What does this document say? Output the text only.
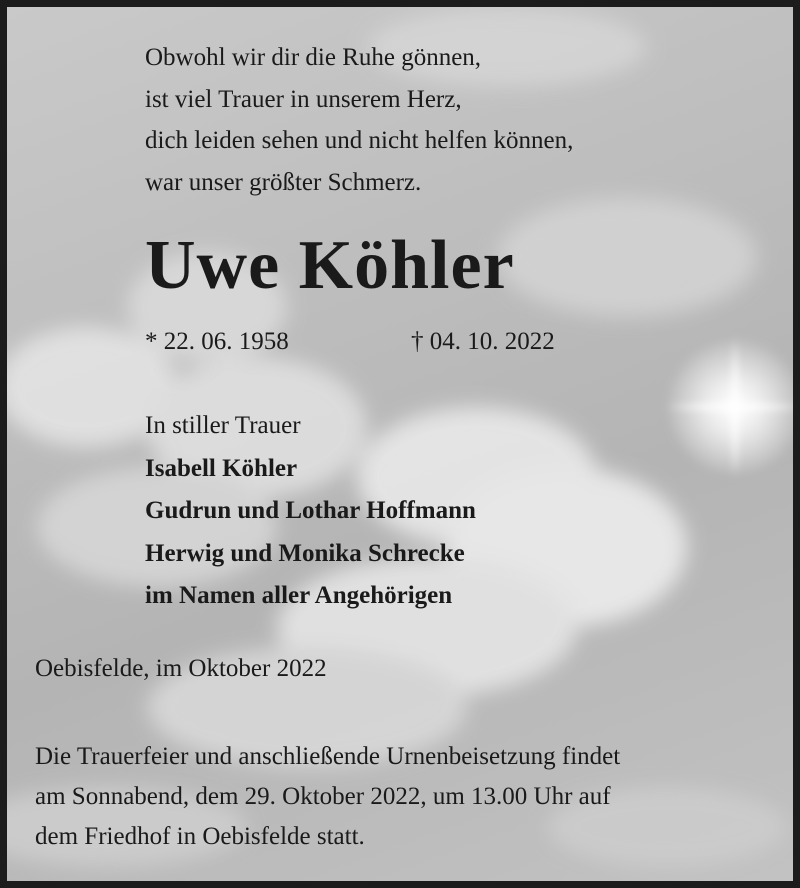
Obwohl wir dir die Ruhe gönnen,
ist viel Trauer in unserem Herz,
dich leiden sehen und nicht helfen können,
war unser größter Schmerz.
Uwe Köhler
* 22. 06. 1958	† 04. 10. 2022
In stiller Trauer
Isabell Köhler
Gudrun und Lothar Hoffmann
Herwig und Monika Schrecke
im Namen aller Angehörigen
Oebisfelde, im Oktober 2022
Die Trauerfeier und anschließende Urnenbeisetzung findet
am Sonnabend, dem 29. Oktober 2022, um 13.00 Uhr auf
dem Friedhof in Oebisfelde statt.
